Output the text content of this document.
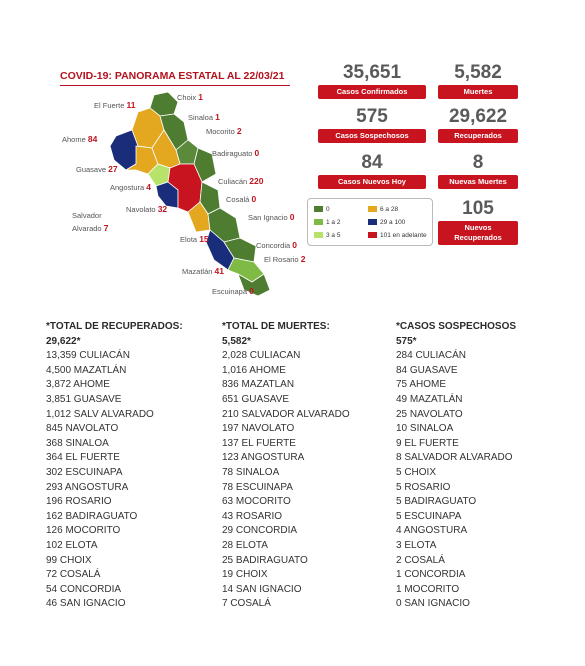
COVID-19: PANORAMA ESTATAL AL 22/03/21
Choix 1
El Fuerte 11
Sinaloa 1
Mocorito 2
Ahome 84
Badiraguato 0
Guasave 27
Culiacán 220
Angostura 4
Cosalá 0
Salvador
Alvarado 7
Navolato 32
San Ignacio 0
Elota 15
Concordia 0
El Rosario 2
Mazatlán 41
Escuinapa 0
35,651
Casos Confirmados
5,582
Muertes
575
Casos Sospechosos
29,622
Recuperados
84
Casos Nuevos Hoy
8
Nuevas Muertes
105
Nuevos
Recuperados
0	6 a 28
1 a 2	29 a 100
3 a 5	101 en adelante
*TOTAL DE RECUPERADOS:
29,622*
13,359 CULIACÁN
4,500 MAZATLÁN
3,872 AHOME
3,851 GUASAVE
1,012 SALV ALVARADO
845 NAVOLATO
368 SINALOA
364 EL FUERTE
302 ESCUINAPA
293 ANGOSTURA
196 ROSARIO
162 BADIRAGUATO
126 MOCORITO
102 ELOTA
99 CHOIX
72 COSALÁ
54 CONCORDIA
46 SAN IGNACIO
*TOTAL DE MUERTES:
5,582*
2,028 CULIACAN
1,016 AHOME
836 MAZATLAN
651 GUASAVE
210 SALVADOR ALVARADO
197 NAVOLATO
137 EL FUERTE
123 ANGOSTURA
78 SINALOA
78 ESCUINAPA
63 MOCORITO
43 ROSARIO
29 CONCORDIA
28 ELOTA
25 BADIRAGUATO
19 CHOIX
14 SAN IGNACIO
7 COSALÁ
*CASOS SOSPECHOSOS
575*
284 CULIACÁN
84 GUASAVE
75 AHOME
49 MAZATLÁN
25 NAVOLATO
10 SINALOA
9 EL FUERTE
8 SALVADOR ALVARADO
5 CHOIX
5 ROSARIO
5 BADIRAGUATO
5 ESCUINAPA
4 ANGOSTURA
3 ELOTA
2 COSALÁ
1 CONCORDIA
1 MOCORITO
0 SAN IGNACIO
